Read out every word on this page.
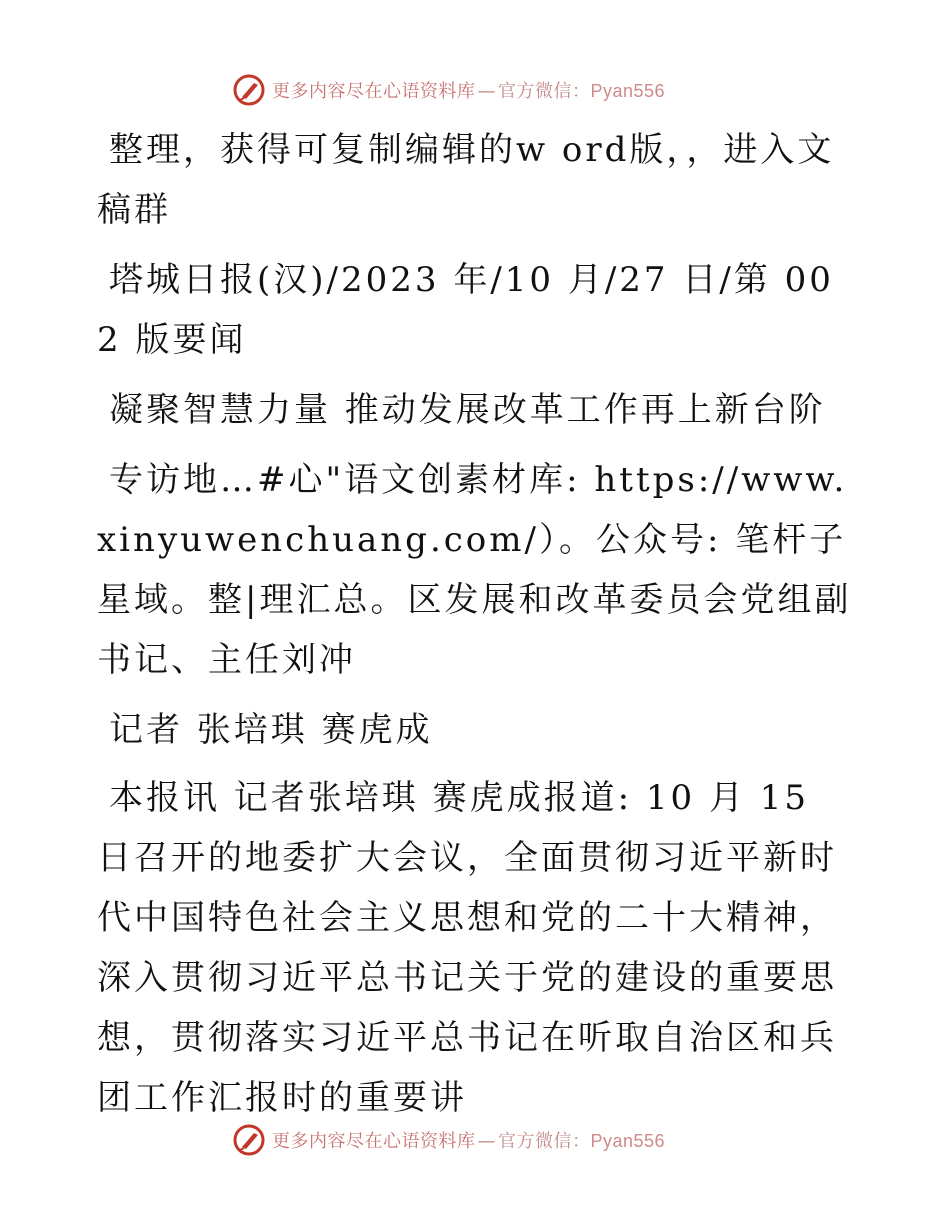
更多内容尽在心语资料库 — 官方微信：Pyan556

整理，获得可复制编辑的w ord版，，进入文稿群

塔城日报(汉)/2023 年/10 月/27 日/第 002 版要闻

凝聚智慧力量 推动发展改革工作再上新台阶

专访地…#心"语文创素材库: https://www.xinyuwenchuang.com/）。公众号: 笔杆子星域。整|理汇总。区发展和改革委员会党组副书记、主任刘冲

记者 张培琪 赛虎成

本报讯 记者张培琪 赛虎成报道: 10 月 15 日召开的地委扩大会议，全面贯彻习近平新时代中国特色社会主义思想和党的二十大精神，深入贯彻习近平总书记关于党的建设的重要思想，贯彻落实习近平总书记在听取自治区和兵团工作汇报时的重要讲

更多内容尽在心语资料库 — 官方微信：Pyan556
